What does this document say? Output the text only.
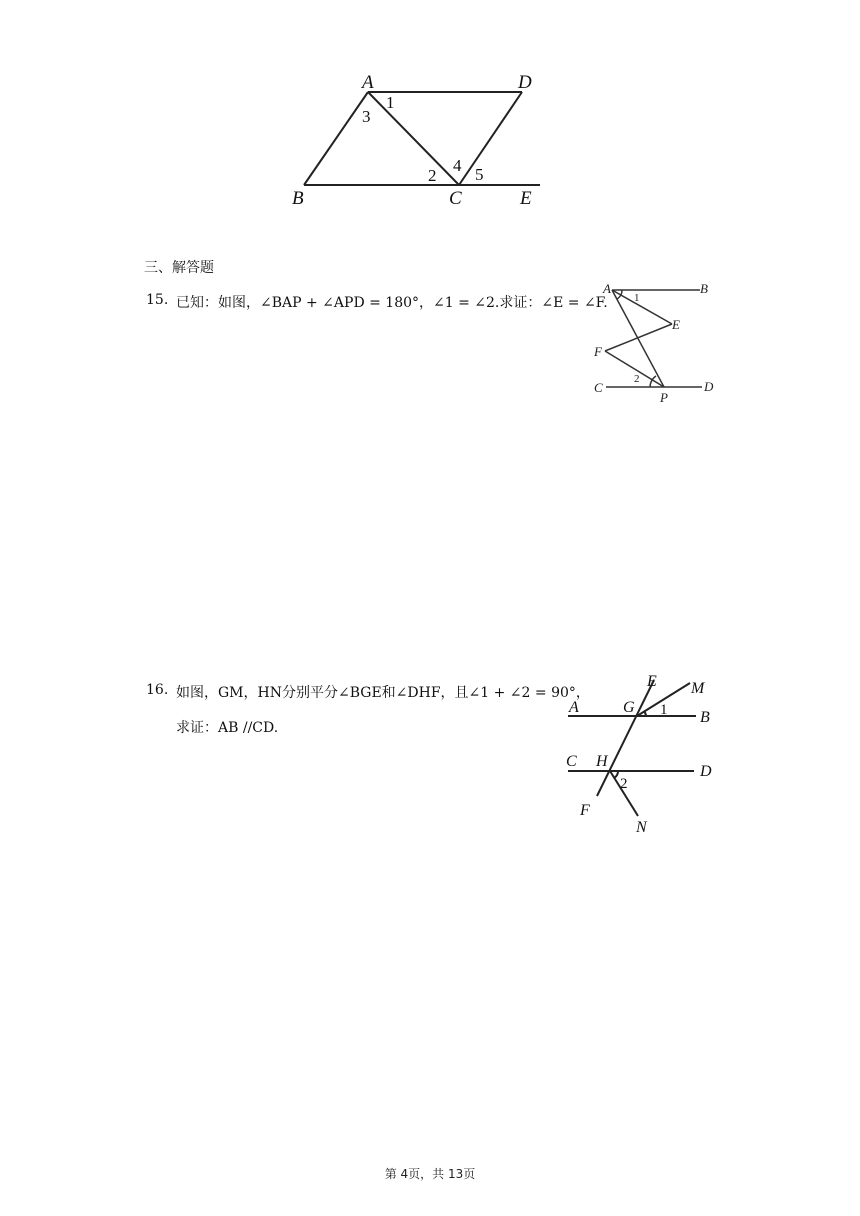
A	D
B	C	E
1
3
2
4 5
三、解答题
15. 已知：如图，∠BAP + ∠APD = 180°，∠1 = ∠2.求证：∠E = ∠F.
A	B
C	D
E
F
P
1
2
16. 如图，GM，HN分别平分∠BGE和∠DHF，且∠1 + ∠2 = 90°，
求证：AB //CD.
A
B
C
D
E
F
G
H
M
N
1
2
第 4页，共 13页
